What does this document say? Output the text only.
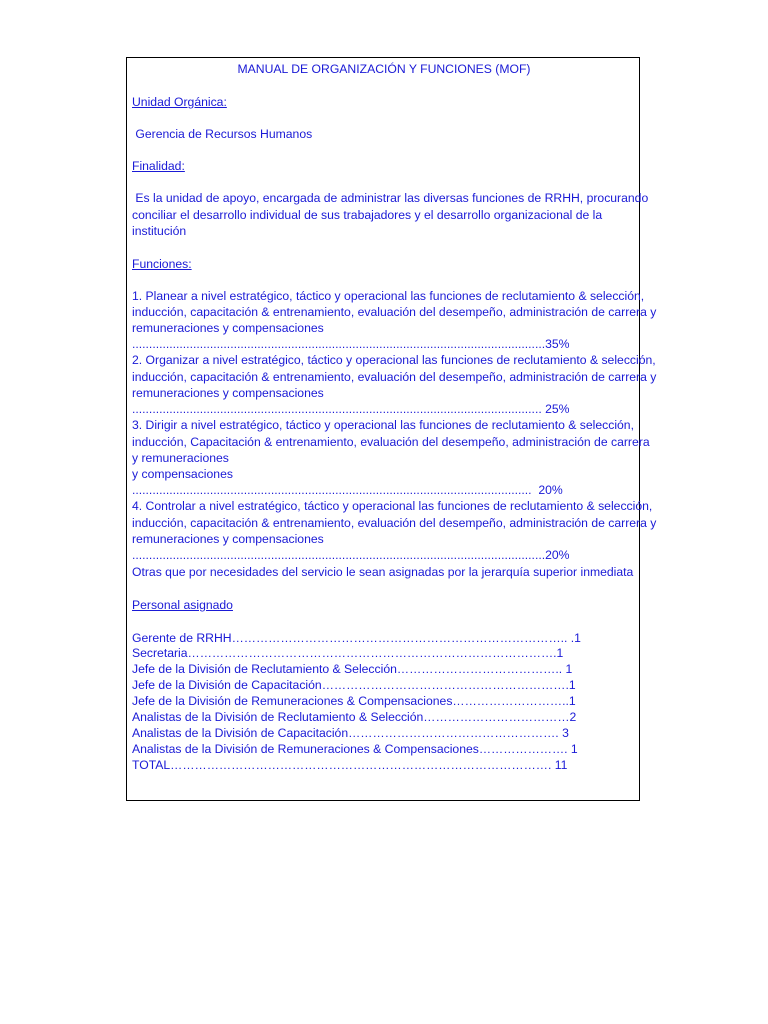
MANUAL DE ORGANIZACIÓN Y FUNCIONES (MOF)
Unidad Orgánica:
Gerencia de Recursos Humanos
Finalidad:
Es la unidad de apoyo, encargada de administrar las diversas funciones de RRHH, procurando
conciliar el desarrollo individual de sus trabajadores y el desarrollo organizacional de la
institución
Funciones:
1. Planear a nivel estratégico, táctico y operacional las funciones de reclutamiento & selección,
inducción, capacitación & entrenamiento, evaluación del desempeño, administración de carrera y
remuneraciones y compensaciones
..........................................................................................................................35%
2. Organizar a nivel estratégico, táctico y operacional las funciones de reclutamiento & selección,
inducción, capacitación & entrenamiento, evaluación del desempeño, administración de carrera y
remuneraciones y compensaciones
......................................................................................................................... 25%
3. Dirigir a nivel estratégico, táctico y operacional las funciones de reclutamiento & selección,
inducción, Capacitación & entrenamiento, evaluación del desempeño, administración de carrera
y remuneraciones
y compensaciones
......................................................................................................................  20%
4. Controlar a nivel estratégico, táctico y operacional las funciones de reclutamiento & selección,
inducción, capacitación & entrenamiento, evaluación del desempeño, administración de carrera y
remuneraciones y compensaciones
..........................................................................................................................20%
Otras que por necesidades del servicio le sean asignadas por la jerarquía superior inmediata
Personal asignado
Gerente de RRHH……………………………………………………………………….. .1
Secretaria……………………………………………………………………………….1
Jefe de la División de Reclutamiento & Selección………………………………….. 1
Jefe de la División de Capacitación…………………………………………………….1
Jefe de la División de Remuneraciones & Compensaciones………………………..1
Analistas de la División de Reclutamiento & Selección………………………………2
Analistas de la División de Capacitación……………………………………………. 3
Analistas de la División de Remuneraciones & Compensaciones…………………. 1
TOTAL…………………………………………………………………………………. 11
